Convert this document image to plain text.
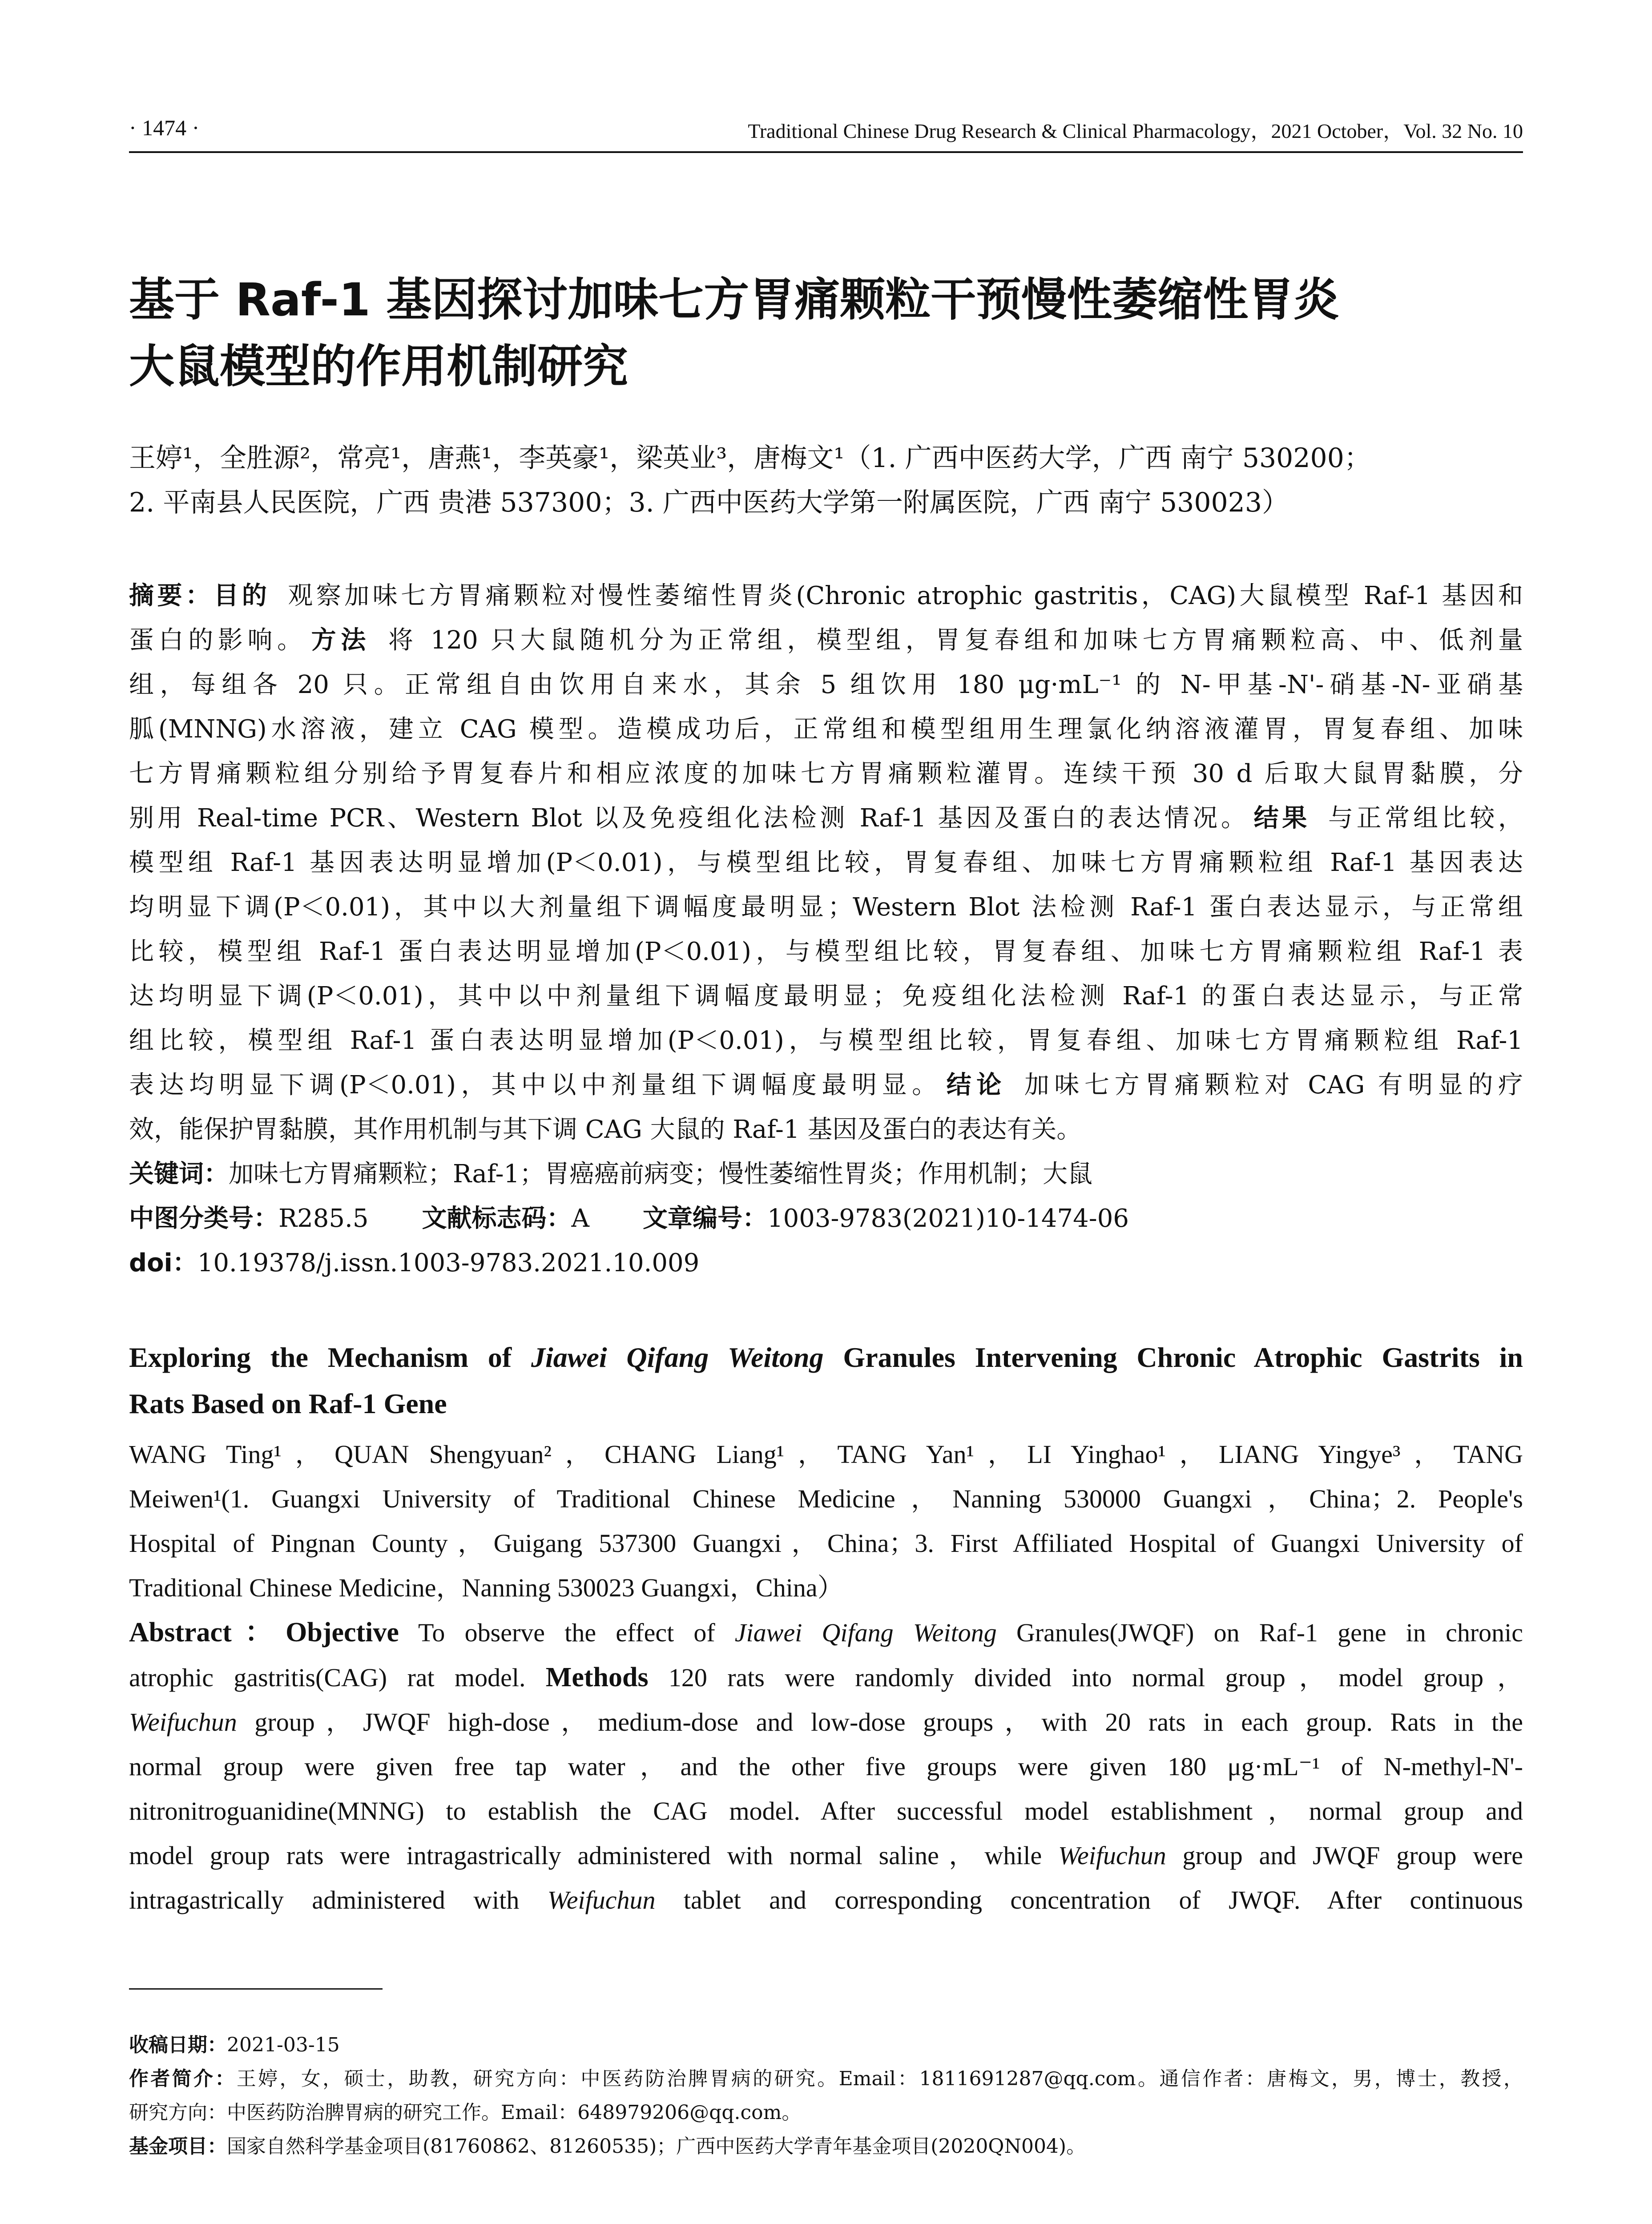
· 1474 ·	Traditional Chinese Drug Research & Clinical Pharmacology，2021 October，Vol. 32 No. 10
基于 Raf-1 基因探讨加味七方胃痛颗粒干预慢性萎缩性胃炎
大鼠模型的作用机制研究
王婷¹，全胜源²，常亮¹，唐燕¹，李英豪¹，梁英业³，唐梅文¹（1. 广西中医药大学，广西 南宁 530200；
2. 平南县人民医院，广西 贵港 537300；3. 广西中医药大学第一附属医院，广西 南宁 530023）
摘要：目的 观察加味七方胃痛颗粒对慢性萎缩性胃炎(Chronic atrophic gastritis，CAG)大鼠模型 Raf-1 基因和
蛋白的影响。 方法 将 120 只大鼠随机分为正常组，模型组，胃复春组和加味七方胃痛颗粒高、中、低剂量
组，每组各 20 只。正常组自由饮用自来水，其余 5 组饮用 180 μg·mL⁻¹ 的 N-甲基-N'-硝基-N-亚硝基
胍(MNNG)水溶液，建立 CAG 模型。造模成功后，正常组和模型组用生理氯化纳溶液灌胃，胃复春组、加味
七方胃痛颗粒组分别给予胃复春片和相应浓度的加味七方胃痛颗粒灌胃。连续干预 30 d 后取大鼠胃黏膜，分
别用 Real-time PCR、Western Blot 以及免疫组化法检测 Raf-1 基因及蛋白的表达情况。 结果 与正常组比较，
模型组 Raf-1 基因表达明显增加(P＜0.01)，与模型组比较，胃复春组、加味七方胃痛颗粒组 Raf-1 基因表达
均明显下调(P＜0.01)，其中以大剂量组下调幅度最明显；Western Blot 法检测 Raf-1 蛋白表达显示，与正常组
比较，模型组 Raf-1 蛋白表达明显增加(P＜0.01)，与模型组比较，胃复春组、加味七方胃痛颗粒组 Raf-1 表
达均明显下调(P＜0.01)，其中以中剂量组下调幅度最明显；免疫组化法检测 Raf-1 的蛋白表达显示，与正常
组比较，模型组 Raf-1 蛋白表达明显增加(P＜0.01)，与模型组比较，胃复春组、加味七方胃痛颗粒组 Raf-1
表达均明显下调(P＜0.01)，其中以中剂量组下调幅度最明显。 结论 加味七方胃痛颗粒对 CAG 有明显的疗
效，能保护胃黏膜，其作用机制与其下调 CAG 大鼠的 Raf-1 基因及蛋白的表达有关。
关键词：加味七方胃痛颗粒；Raf-1；胃癌癌前病变；慢性萎缩性胃炎；作用机制；大鼠
中图分类号：R285.5 文献标志码：A 文章编号：1003-9783(2021)10-1474-06
doi：10.19378/j.issn.1003-9783.2021.10.009
Exploring the Mechanism of Jiawei Qifang Weitong Granules Intervening Chronic Atrophic Gastrits in
Rats Based on Raf-1 Gene
WANG Ting¹，QUAN Shengyuan²，CHANG Liang¹，TANG Yan¹，LI Yinghao¹，LIANG Yingye³，TANG
Meiwen¹(1. Guangxi University of Traditional Chinese Medicine，Nanning 530000 Guangxi，China；2. People's
Hospital of Pingnan County，Guigang 537300 Guangxi，China；3. First Affiliated Hospital of Guangxi University of
Traditional Chinese Medicine，Nanning 530023 Guangxi，China）
Abstract：Objective To observe the effect of Jiawei Qifang Weitong Granules(JWQF) on Raf-1 gene in chronic
atrophic gastritis(CAG) rat model. Methods 120 rats were randomly divided into normal group，model group，
Weifuchun group，JWQF high-dose，medium-dose and low-dose groups，with 20 rats in each group. Rats in the
normal group were given free tap water，and the other five groups were given 180 μg·mL⁻¹ of N-methyl-N'-
nitronitroguanidine(MNNG) to establish the CAG model. After successful model establishment，normal group and
model group rats were intragastrically administered with normal saline，while Weifuchun group and JWQF group were
intragastrically administered with Weifuchun tablet and corresponding concentration of JWQF. After continuous
收稿日期：2021-03-15
作者简介：王婷，女，硕士，助教，研究方向：中医药防治脾胃病的研究。Email：1811691287@qq.com。通信作者：唐梅文，男，博士，教授，
研究方向：中医药防治脾胃病的研究工作。Email：648979206@qq.com。
基金项目：国家自然科学基金项目(81760862、81260535)；广西中医药大学青年基金项目(2020QN004)。
